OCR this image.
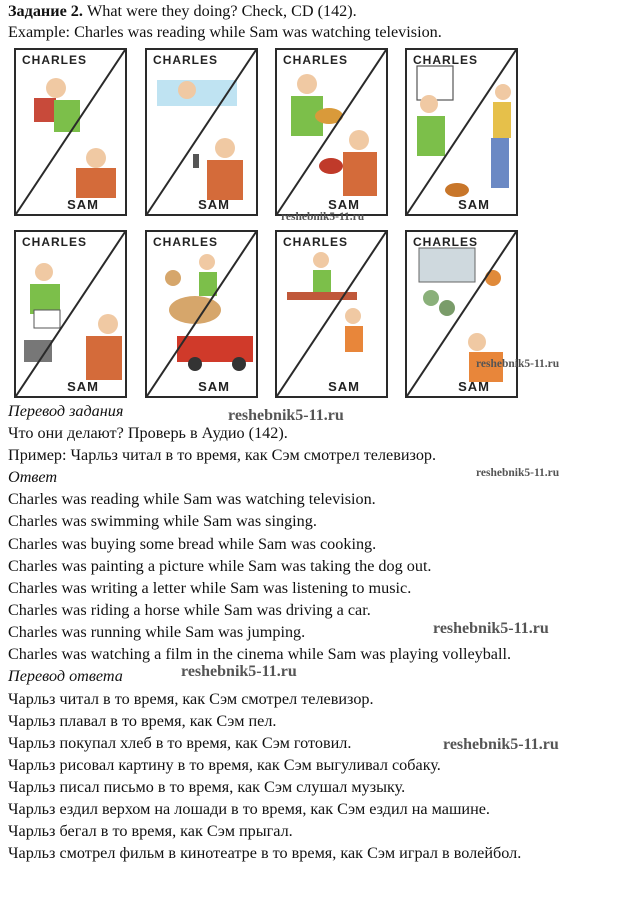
Задание 2. What were they doing? Check, CD (142).
Example: Charles was reading while Sam was watching television.
CHARLES
SAM
CHARLES
SAM
CHARLES
SAM
CHARLES
SAM
CHARLES
SAM
CHARLES
SAM
CHARLES
SAM
CHARLES
SAM
reshebnik5-11.ru
reshebnik5-11.ru
reshebnik5-11.ru
reshebnik5-11.ru
reshebnik5-11.ru
reshebnik5-11.ru
reshebnik5-11.ru
Перевод задания
Что они делают? Проверь в Аудио (142).
Пример: Чарльз читал в то время, как Сэм смотрел телевизор.
Ответ
Charles was reading while Sam was watching television.
Charles was swimming while Sam was singing.
Charles was buying some bread while Sam was cooking.
Charles was painting a picture while Sam was taking the dog out.
Charles was writing a letter while Sam was listening to music.
Charles was riding a horse while Sam was driving a car.
Charles was running while Sam was jumping.
Charles was watching a film in the cinema while Sam was playing volleyball.
Перевод ответа
Чарльз читал в то время, как Сэм смотрел телевизор.
Чарльз плавал в то время, как Сэм пел.
Чарльз покупал хлеб в то время, как Сэм готовил.
Чарльз рисовал картину в то время, как Сэм выгуливал собаку.
Чарльз писал письмо в то время, как Сэм слушал музыку.
Чарльз ездил верхом на лошади в то время, как Сэм ездил на машине.
Чарльз бегал в то время, как Сэм прыгал.
Чарльз смотрел фильм в кинотеатре в то время, как Сэм играл в волейбол.
